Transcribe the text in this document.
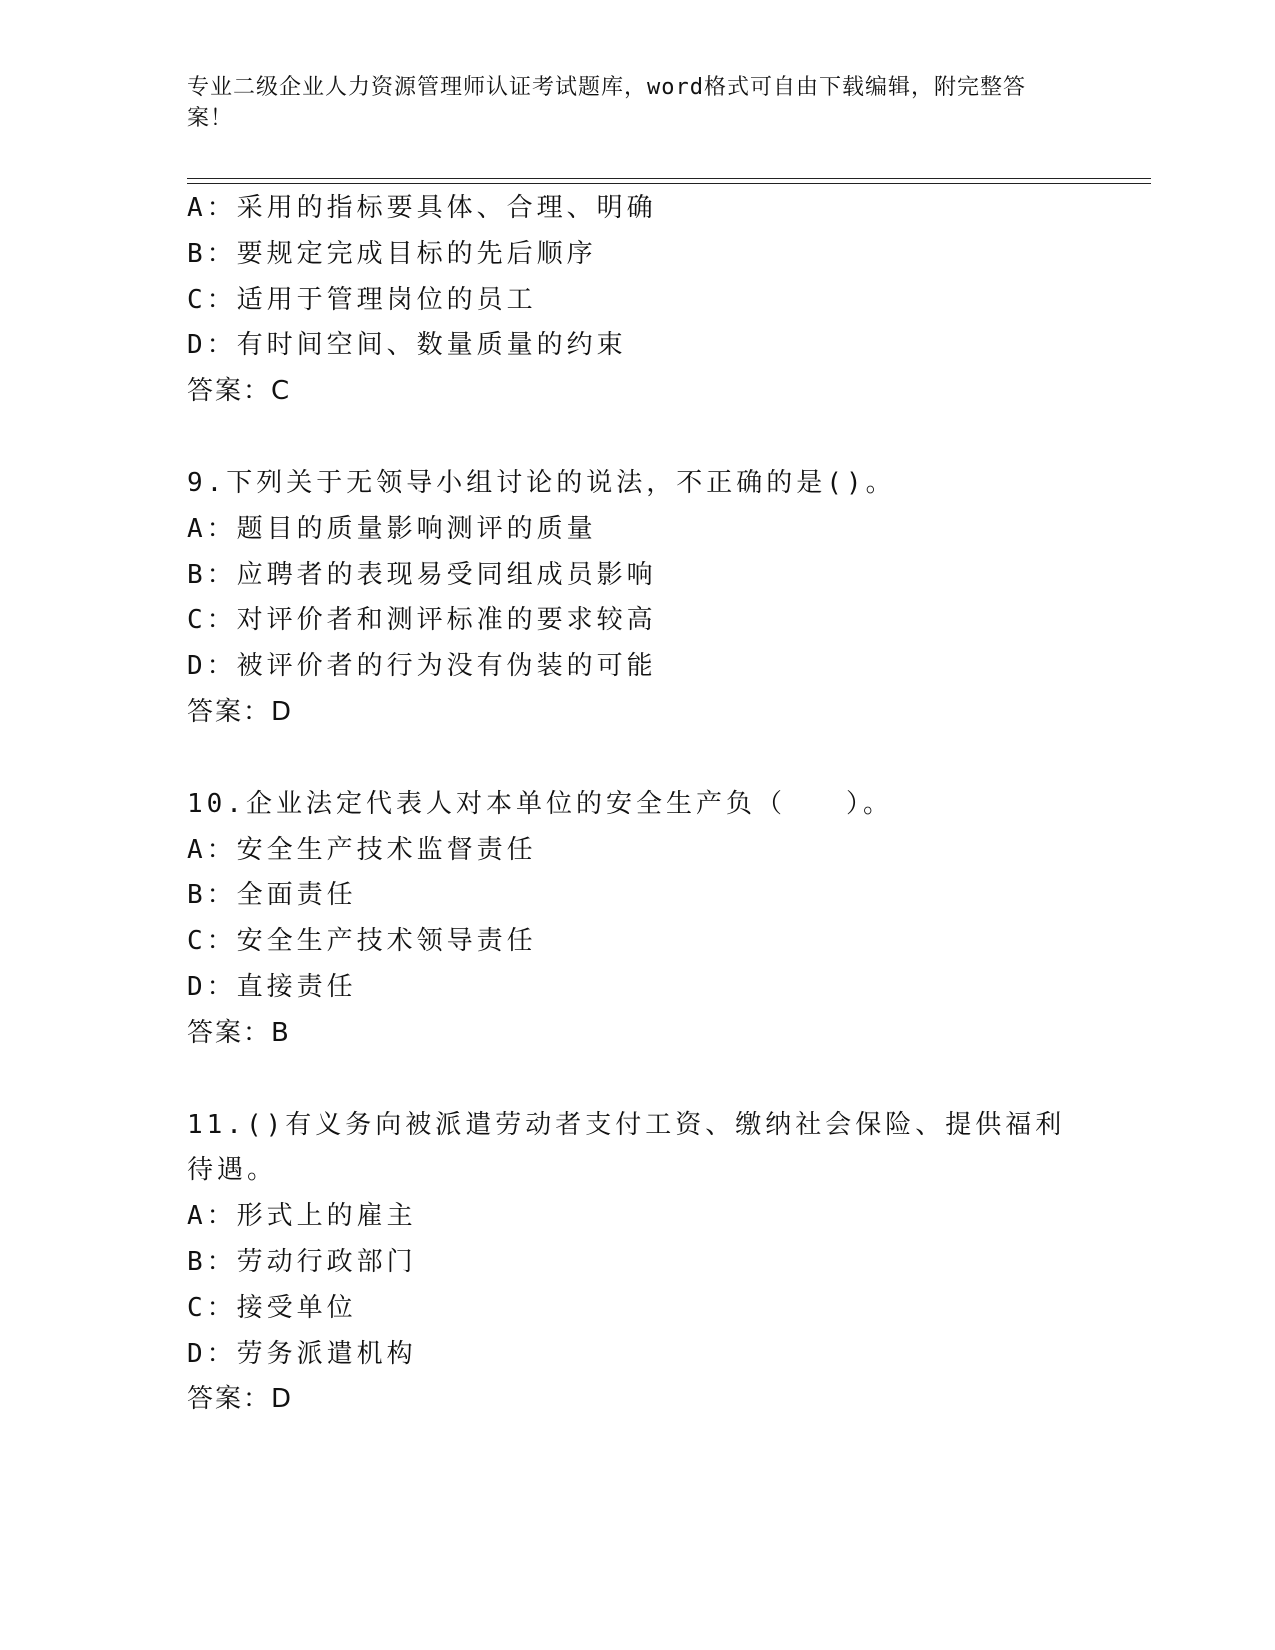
专业二级企业人力资源管理师认证考试题库，word格式可自由下载编辑，附完整答案！
A：采用的指标要具体、合理、明确
B：要规定完成目标的先后顺序
C：适用于管理岗位的员工
D：有时间空间、数量质量的约束
答案：C
9.下列关于无领导小组讨论的说法，不正确的是()。
A：题目的质量影响测评的质量
B：应聘者的表现易受同组成员影响
C：对评价者和测评标准的要求较高
D：被评价者的行为没有伪装的可能
答案：D
10.企业法定代表人对本单位的安全生产负（　　）。
A：安全生产技术监督责任
B：全面责任
C：安全生产技术领导责任
D：直接责任
答案：B
11.()有义务向被派遣劳动者支付工资、缴纳社会保险、提供福利待遇。
A：形式上的雇主
B：劳动行政部门
C：接受单位
D：劳务派遣机构
答案：D
